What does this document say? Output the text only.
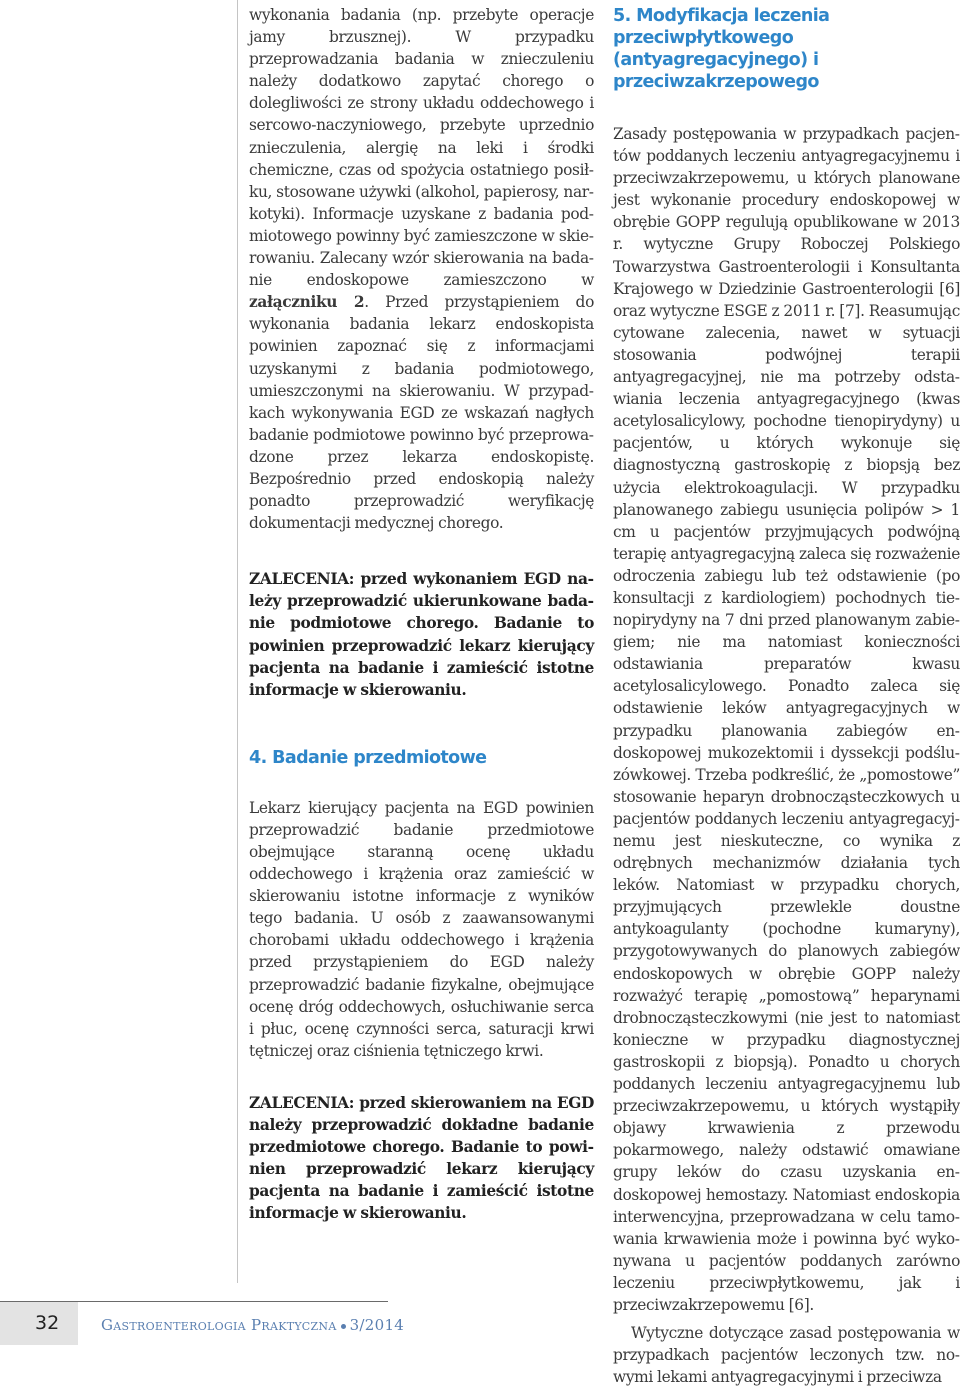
wykonania badania (np. przebyte operacje jamy brzusznej). W przypadku przeprowadzania badania w znieczuleniu należy dodatkowo zapytać chorego o dolegliwości ze strony układu oddechowego i sercowo-naczyniowego, przebyte uprzednio znieczulenia, alergię na leki i środki chemiczne, czas od spożycia ostatniego posiłku, stosowane używki (alkohol, papierosy, narkotyki). Informacje uzyskane z badania podmiotowego powinny być zamieszczone w skierowaniu. Zalecany wzór skierowania na badanie endoskopowe zamieszczono w załączniku 2. Przed przystąpieniem do wykonania badania lekarz endoskopista powinien zapoznać się z informacjami uzyskanymi z badania podmiotowego, umieszczonymi na skierowaniu. W przypadkach wykonywania EGD ze wskazań nagłych badanie podmiotowe powinno być przeprowadzone przez lekarza endoskopistę. Bezpośrednio przed endoskopią należy ponadto przeprowadzić weryfikację dokumentacji medycznej chorego.

ZALECENIA: przed wykonaniem EGD należy przeprowadzić ukierunkowane badanie podmiotowe chorego. Badanie to powinien przeprowadzić lekarz kierujący pacjenta na badanie i zamieścić istotne informacje w skierowaniu.

4. Badanie przedmiotowe

Lekarz kierujący pacjenta na EGD powinien przeprowadzić badanie przedmiotowe obejmujące staranną ocenę układu oddechowego i krążenia oraz zamieścić w skierowaniu istotne informacje z wyników tego badania. U osób z zaawansowanymi chorobami układu oddechowego i krążenia przed przystąpieniem do EGD należy przeprowadzić badanie fizykalne, obejmujące ocenę dróg oddechowych, osłuchiwanie serca i płuc, ocenę czynności serca, saturacji krwi tętniczej oraz ciśnienia tętniczego krwi.

ZALECENIA: przed skierowaniem na EGD należy przeprowadzić dokładne badanie przedmiotowe chorego. Badanie to powinien przeprowadzić lekarz kierujący pacjenta na badanie i zamieścić istotne informacje w skierowaniu.

5. Modyfikacja leczenia przeciwpłytkowego (antyagregacyjnego) i przeciwzakrzepowego

Zasady postępowania w przypadkach pacjentów poddanych leczeniu antyagregacyjnemu i przeciwzakrzepowemu, u których planowane jest wykonanie procedury endoskopowej w obrębie GOPP regulują opublikowane w 2013 r. wytyczne Grupy Roboczej Polskiego Towarzystwa Gastroenterologii i Konsultanta Krajowego w Dziedzinie Gastroenterologii [6] oraz wytyczne ESGE z 2011 r. [7]. Reasumując cytowane zalecenia, nawet w sytuacji stosowania podwójnej terapii antyagregacyjnej, nie ma potrzeby odstawiania leczenia antyagregacyjnego (kwas acetylosalicylowy, pochodne tienopirydyny) u pacjentów, u których wykonuje się diagnostyczną gastroskopię z biopsją bez użycia elektrokoagulacji. W przypadku planowanego zabiegu usunięcia polipów > 1 cm u pacjentów przyjmujących podwójną terapię antyagregacyjną zaleca się rozważenie odroczenia zabiegu lub też odstawienie (po konsultacji z kardiologiem) pochodnych tienopirydyny na 7 dni przed planowanym zabiegiem; nie ma natomiast konieczności odstawiania preparatów kwasu acetylosalicylowego. Ponadto zaleca się odstawienie leków antyagregacyjnych w przypadku planowania zabiegów endoskopowej mukozektomii i dyssekcji podśluzówkowej. Trzeba podkreślić, że „pomostowe” stosowanie heparyn drobnocząsteczkowych u pacjentów poddanych leczeniu antyagregacyjnemu jest nieskuteczne, co wynika z odrębnych mechanizmów działania tych leków. Natomiast w przypadku chorych, przyjmujących przewlekle doustne antykoagulanty (pochodne kumaryny), przygotowywanych do planowych zabiegów endoskopowych w obrębie GOPP należy rozważyć terapię „pomostową” heparynami drobnocząsteczkowymi (nie jest to natomiast konieczne w przypadku diagnostycznej gastroskopii z biopsją). Ponadto u chorych poddanych leczeniu antyagregacyjnemu lub przeciwzakrzepowemu, u których wystąpiły objawy krwawienia z przewodu pokarmowego, należy odstawić omawiane grupy leków do czasu uzyskania endoskopowej hemostazy. Natomiast endoskopia interwencyjna, przeprowadzana w celu tamowania krwawienia może i powinna być wykonywana u pacjentów poddanych zarówno leczeniu przeciwpłytkowemu, jak i przeciwzakrzepowemu [6].

Wytyczne dotyczące zasad postępowania w przypadkach pacjentów leczonych tzw. nowymi lekami antyagregacyjnymi i przeciwza

32	Gastroenterologia Praktyczna 3/2014
